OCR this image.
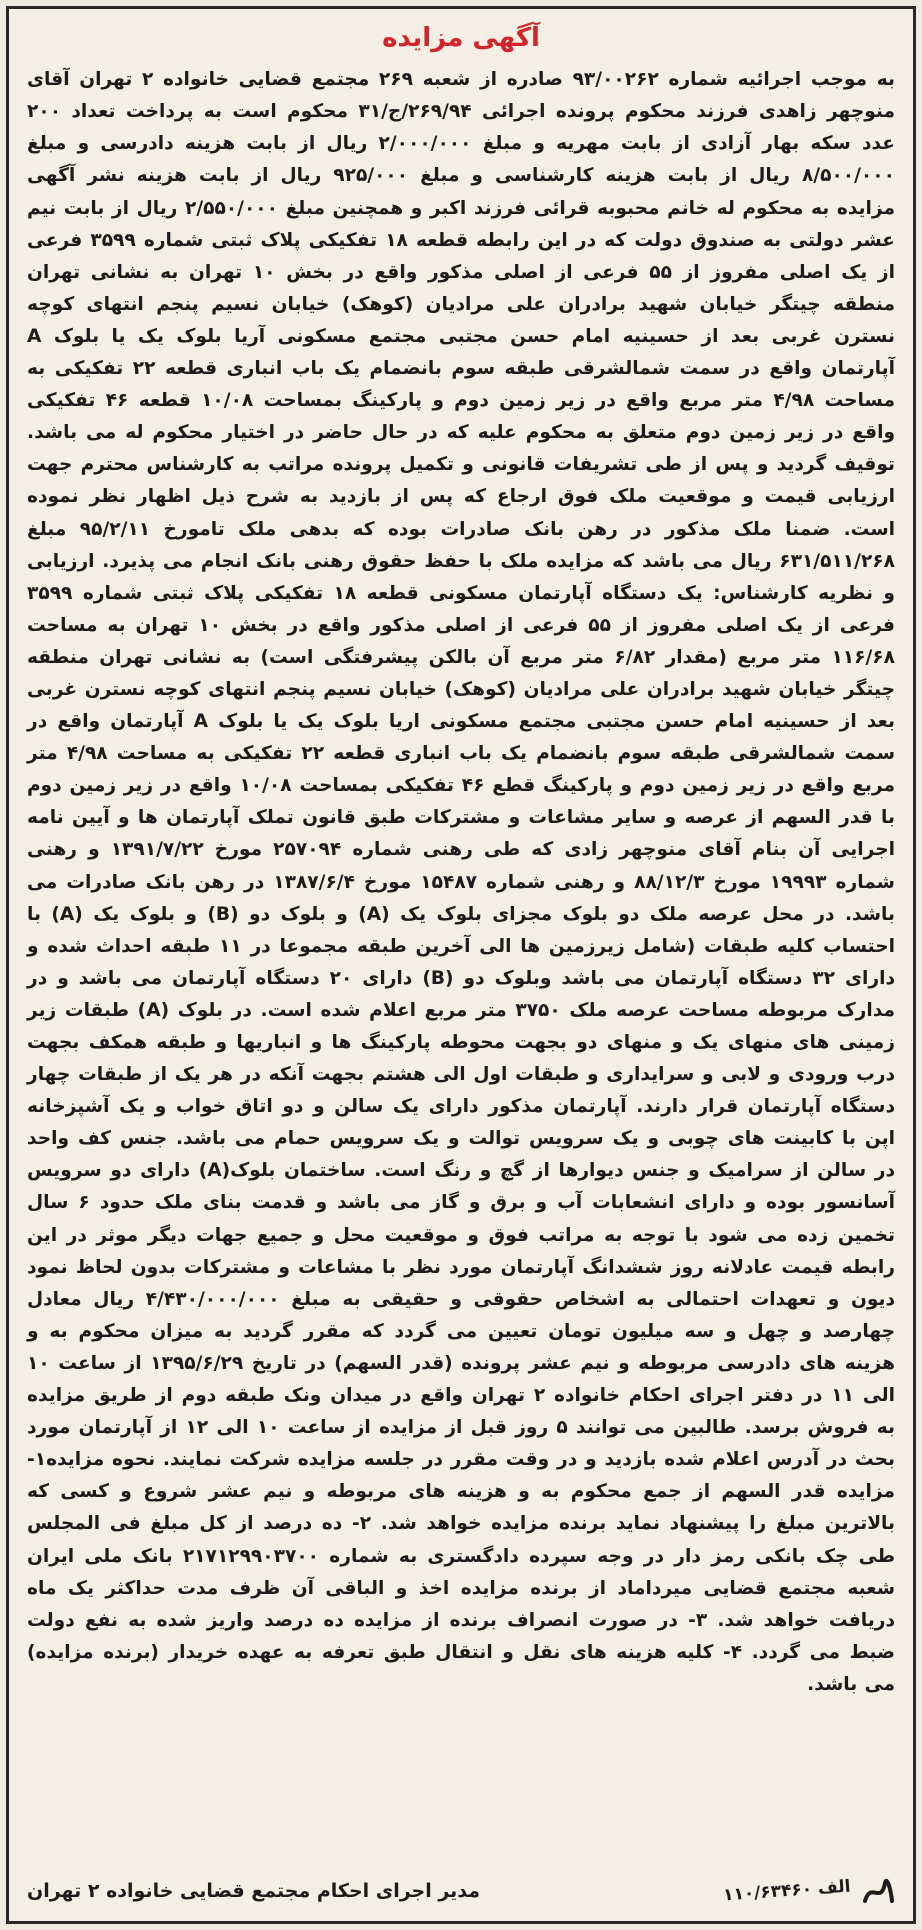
آگهی مزایده
به موجب اجرائیه شماره ۹۳/۰۰۲۶۲ صادره از شعبه ۲۶۹ مجتمع قضایی خانواده ۲ تهران آقای منوچهر زاهدی فرزند محکوم پرونده اجرائی ۲۶۹/۹۴/ج/۳۱ محکوم است به پرداخت تعداد ۲۰۰ عدد سکه بهار آزادی از بابت مهریه و مبلغ ۲/۰۰۰/۰۰۰ ریال از بابت هزینه دادرسی و مبلغ ۸/۵۰۰/۰۰۰ ریال از بابت هزینه کارشناسی و مبلغ ۹۲۵/۰۰۰ ریال از بابت هزینه نشر آگهی مزایده به محکوم له خانم محبوبه قرائی فرزند اکبر و همچنین مبلغ ۲/۵۵۰/۰۰۰ ریال از بابت نیم عشر دولتی به صندوق دولت که در این رابطه قطعه ۱۸ تفکیکی پلاک ثبتی شماره ۳۵۹۹ فرعی از یک اصلی مفروز از ۵۵ فرعی از اصلی مذکور واقع در بخش ۱۰ تهران به نشانی تهران منطقه چیتگر خیابان شهید برادران علی مرادیان (کوهک) خیابان نسیم پنجم انتهای کوچه نسترن غربی بعد از حسینیه امام حسن مجتبی مجتمع مسکونی آریا بلوک یک یا بلوک A آپارتمان واقع در سمت شمالشرقی طبقه سوم بانضمام یک باب انباری قطعه ۲۲ تفکیکی به مساحت ۴/۹۸ متر مربع واقع در زیر زمین دوم و پارکینگ بمساحت ۱۰/۰۸ قطعه ۴۶ تفکیکی واقع در زیر زمین دوم متعلق به محکوم علیه که در حال حاضر در اختیار محکوم له می باشد. توقیف گردید و پس از طی تشریفات قانونی و تکمیل پرونده مراتب به کارشناس محترم جهت ارزیابی قیمت و موقعیت ملک فوق ارجاع که پس از بازدید به شرح ذیل اظهار نظر نموده است. ضمنا ملک مذکور در رهن بانک صادرات بوده که بدهی ملک تامورخ ۹۵/۲/۱۱ مبلغ ۶۳۱/۵۱۱/۲۶۸ ریال می باشد که مزایده ملک با حفظ حقوق رهنی بانک انجام می پذیرد. ارزیابی و نظریه کارشناس: یک دستگاه آپارتمان مسکونی قطعه ۱۸ تفکیکی پلاک ثبتی شماره ۳۵۹۹ فرعی از یک اصلی مفروز از ۵۵ فرعی از اصلی مذکور واقع در بخش ۱۰ تهران به مساحت ۱۱۶/۶۸ متر مربع (مقدار ۶/۸۲ متر مربع آن بالکن پیشرفتگی است) به نشانی تهران منطقه چیتگر خیابان شهید برادران علی مرادیان (کوهک) خیابان نسیم پنجم انتهای کوچه نسترن غربی بعد از حسینیه امام حسن مجتبی مجتمع مسکونی اریا بلوک یک یا بلوک A آپارتمان واقع در سمت شمالشرقی طبقه سوم بانضمام یک باب انباری قطعه ۲۲ تفکیکی به مساحت ۴/۹۸ متر مربع واقع در زیر زمین دوم و پارکینگ قطع ۴۶ تفکیکی بمساحت ۱۰/۰۸ واقع در زیر زمین دوم با قدر السهم از عرصه و سایر مشاعات و مشترکات طبق قانون تملک آپارتمان ها و آیین نامه اجرایی آن بنام آقای منوچهر زادی که طی رهنی شماره ۲۵۷۰۹۴ مورخ ۱۳۹۱/۷/۲۲ و رهنی شماره ۱۹۹۹۳ مورخ ۸۸/۱۲/۳ و رهنی شماره ۱۵۴۸۷ مورخ ۱۳۸۷/۶/۴ در رهن بانک صادرات می باشد. در محل عرصه ملک دو بلوک مجزای بلوک یک (A) و بلوک دو (B) و بلوک یک (A) با احتساب کلیه طبقات (شامل زیرزمین ها الی آخرین طبقه مجموعا در ۱۱ طبقه احداث شده و دارای ۳۲ دستگاه آپارتمان می باشد وبلوک دو (B) دارای ۲۰ دستگاه آپارتمان می باشد و در مدارک مربوطه مساحت عرصه ملک ۳۷۵۰ متر مربع اعلام شده است. در بلوک (A) طبقات زیر زمینی های منهای یک و منهای دو بجهت محوطه پارکینگ ها و انباریها و طبقه همکف بجهت درب ورودی و لابی و سرایداری و طبقات اول الی هشتم بجهت آنکه در هر یک از طبقات چهار دستگاه آپارتمان قرار دارند. آپارتمان مذکور دارای یک سالن و دو اتاق خواب و یک آشپزخانه اپن با کابینت های چوبی و یک سرویس توالت و یک سرویس حمام می باشد. جنس کف واحد در سالن از سرامیک و جنس دیوارها از گچ و رنگ است. ساختمان بلوک(A) دارای دو سرویس آسانسور بوده و دارای انشعابات آب و برق و گاز می باشد و قدمت بنای ملک حدود ۶ سال تخمین زده می شود با توجه به مراتب فوق و موقعیت محل و جمیع جهات دیگر موثر در این رابطه قیمت عادلانه روز ششدانگ آپارتمان مورد نظر با مشاعات و مشترکات بدون لحاظ نمود دیون و تعهدات احتمالی به اشخاص حقوقی و حقیقی به مبلغ ۴/۴۳۰/۰۰۰/۰۰۰ ریال معادل چهارصد و چهل و سه میلیون تومان تعیین می گردد که مقرر گردید به میزان محکوم به و هزینه های دادرسی مربوطه و نیم عشر پرونده (قدر السهم) در تاریخ ۱۳۹۵/۶/۲۹ از ساعت ۱۰ الی ۱۱ در دفتر اجرای احکام خانواده ۲ تهران واقع در میدان ونک طبقه دوم از طریق مزایده به فروش برسد. طالبین می توانند ۵ روز قبل از مزایده از ساعت ۱۰ الی ۱۲ از آپارتمان مورد بحث در آدرس اعلام شده بازدید و در وقت مقرر در جلسه مزایده شرکت نمایند. نحوه مزایده۱- مزایده قدر السهم از جمع محکوم به و هزینه های مربوطه و نیم عشر شروع و کسی که بالاترین مبلغ را پیشنهاد نماید برنده مزایده خواهد شد. ۲- ده درصد از کل مبلغ فی المجلس طی چک بانکی رمز دار در وجه سپرده دادگستری به شماره ۲۱۷۱۲۹۹۰۳۷۰۰ بانک ملی ایران شعبه مجتمع قضایی میرداماد از برنده مزایده اخذ و الباقی آن ظرف مدت حداکثر یک ماه دریافت خواهد شد. ۳- در صورت انصراف برنده از مزایده ده درصد واریز شده به نفع دولت ضبط می گردد. ۴- کلیه هزینه های نقل و انتقال طبق تعرفه به عهده خریدار (برنده مزایده) می باشد.
۱۱۰/۶۳۴۶۰ الف
مدیر اجرای احکام مجتمع قضایی خانواده ۲ تهران
